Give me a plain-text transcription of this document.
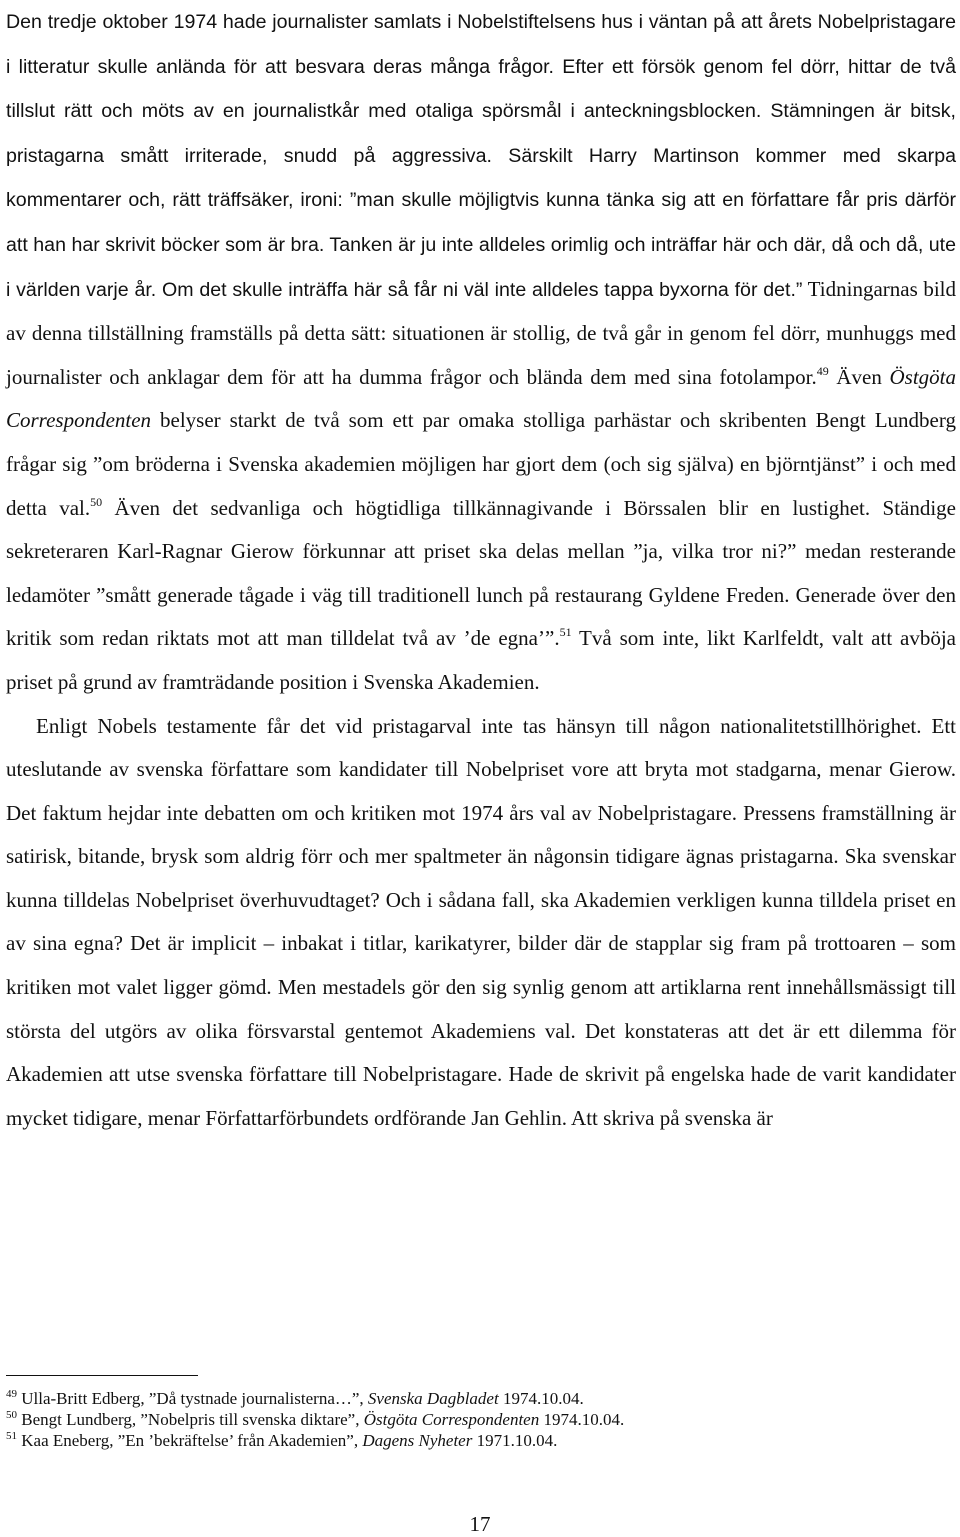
Den tredje oktober 1974 hade journalister samlats i Nobelstiftelsens hus i väntan på att årets Nobelpristagare i litteratur skulle anlända för att besvara deras många frågor. Efter ett försök genom fel dörr, hittar de två tillslut rätt och möts av en journalistkår med otaliga spörsmål i anteckningsblocken. Stämningen är bitsk, pristagarna smått irriterade, snudd på aggressiva. Särskilt Harry Martinson kommer med skarpa kommentarer och, rätt träffsäker, ironi: ”man skulle möjligtvis kunna tänka sig att en författare får pris därför att han har skrivit böcker som är bra. Tanken är ju inte alldeles orimlig och inträffar här och där, då och då, ute i världen varje år. Om det skulle inträffa här så får ni väl inte alldeles tappa byxorna för det.” Tidningarnas bild av denna tillställning framställs på detta sätt: situationen är stollig, de två går in genom fel dörr, munhuggs med journalister och anklagar dem för att ha dumma frågor och blända dem med sina fotolampor.$^{49}$ Även Östgöta Correspondenten belyser starkt de två som ett par omaka stolliga parhästar och skribenten Bengt Lundberg frågar sig ”om bröderna i Svenska akademien möjligen har gjort dem (och sig själva) en björntjänst” i och med detta val.$^{50}$ Även det sedvanliga och högtidliga tillkännagivande i Börssalen blir en lustighet. Ständige sekreteraren Karl-Ragnar Gierow förkunnar att priset ska delas mellan ”ja, vilka tror ni?” medan resterande ledamöter ”smått generade tågade i väg till traditionell lunch på restaurang Gyldene Freden. Generade över den kritik som redan riktats mot att man tilldelat två av ’de egna’”.$^{51}$ Två som inte, likt Karlfeldt, valt att avböja priset på grund av framträdande position i Svenska Akademien.

Enligt Nobels testamente får det vid pristagarval inte tas hänsyn till någon nationalitetstillhörighet. Ett uteslutande av svenska författare som kandidater till Nobelpriset vore att bryta mot stadgarna, menar Gierow. Det faktum hejdar inte debatten om och kritiken mot 1974 års val av Nobelpristagare. Pressens framställning är satirisk, bitande, brysk som aldrig förr och mer spaltmeter än någonsin tidigare ägnas pristagarna. Ska svenskar kunna tilldelas Nobelpriset överhuvudtaget? Och i sådana fall, ska Akademien verkligen kunna tilldela priset en av sina egna? Det är implicit – inbakat i titlar, karikatyrer, bilder där de stapplar sig fram på trottoaren – som kritiken mot valet ligger gömd. Men mestadels gör den sig synlig genom att artiklarna rent innehållsmässigt till största del utgörs av olika försvarstal gentemot Akademiens val. Det konstateras att det är ett dilemma för Akademien att utse svenska författare till Nobelpristagare. Hade de skrivit på engelska hade de varit kandidater mycket tidigare, menar Författarförbundets ordförande Jan Gehlin. Att skriva på svenska är

$^{49}$ Ulla-Britt Edberg, ”Då tystnade journalisterna…”, Svenska Dagbladet 1974.10.04.

$^{50}$ Bengt Lundberg, ”Nobelpris till svenska diktare”, Östgöta Correspondenten 1974.10.04.

$^{51}$ Kaa Eneberg, ”En ’bekräftelse’ från Akademien”, Dagens Nyheter 1971.10.04.

17
